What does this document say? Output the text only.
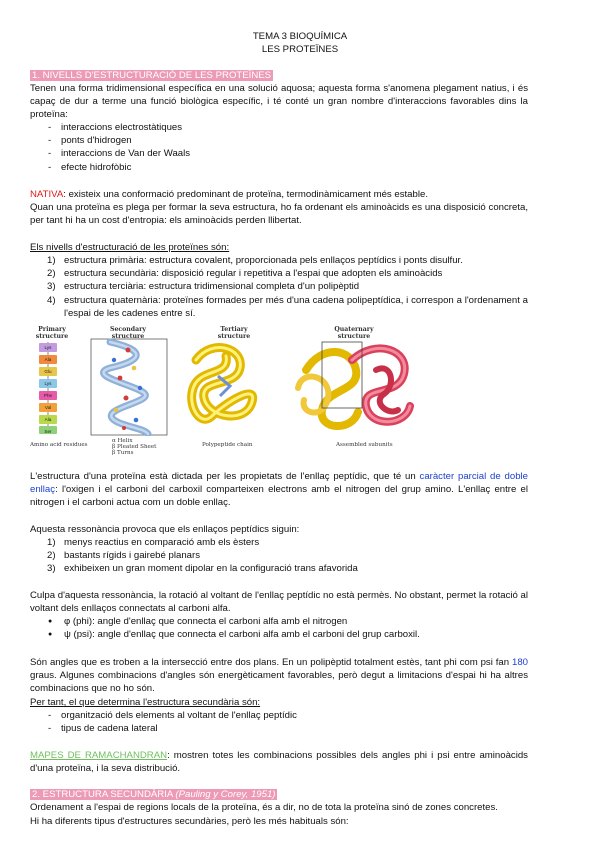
TEMA 3 BIOQUÍMICA
LES PROTEÏNES
1. NIVELLS D'ESTRUCTURACIÓ DE LES PROTEÏNES
Tenen una forma tridimensional específica en una solució aquosa; aquesta forma s'anomena plegament natius, i és capaç de dur a terme una funció biològica específic, i té conté un gran nombre d'interaccions favorables dins la proteïna:
- interaccions electrostàtiques
- ponts d'hidrogen
- interaccions de Van der Waals
- efecte hidrofòbic
NATIVA: existeix una conformació predominant de proteïna, termodinàmicament més estable.
Quan una proteïna es plega per formar la seva estructura, ho fa ordenant els aminoàcids es una disposició concreta, per tant hi ha un cost d'entropia: els aminoàcids perden llibertat.
Els nivells d'estructuració de les proteïnes són:
1) estructura primària: estructura covalent, proporcionada pels enllaços peptídics i ponts disulfur.
2) estructura secundària: disposició regular i repetitiva a l'espai que adopten els aminoàcids
3) estructura terciària: estructura tridimensional completa d'un polipèptid
4) estructura quaternària: proteïnes formades per més d'una cadena polipeptídica, i correspon a l'ordenament a l'espai de les cadenes entre sí.
Primary structure
Secondary structure
Tertiary structure
Quaternary structure
Lys
Ala
Glu
Lys
Phe
Val
Ala
Ser
Amino acid residues
α Helix
β Pleated Sheet
β Turns
Polypeptide chain	Assembled subunits
L'estructura d'una proteïna està dictada per les propietats de l'enllaç peptídic, que té un caràcter parcial de doble enllaç: l'oxigen i el carboni del carboxil comparteixen electrons amb el nitrogen del grup amino. L'enllaç entre el nitrogen i el carboni actua com un doble enllaç.
Aquesta ressonància provoca que els enllaços peptídics siguin:
1) menys reactius en comparació amb els èsters
2) bastants rígids i gairebé planars
3) exhibeixen un gran moment dipolar en la configuració trans afavorida
Culpa d'aquesta ressonància, la rotació al voltant de l'enllaç peptídic no està permès. No obstant, permet la rotació al voltant dels enllaços connectats al carboni alfa.
● φ (phi): angle d'enllaç que connecta el carboni alfa amb el nitrogen
● ψ (psi): angle d'enllaç que connecta el carboni alfa amb el carboni del grup carboxil.
Són angles que es troben a la intersecció entre dos plans. En un polipèptid totalment estès, tant phi com psi fan 180 graus. Algunes combinacions d'angles són energèticament favorables, però degut a limitacions d'espai hi ha altres combinacions que no ho són.
Per tant, el que determina l'estructura secundària són:
- organització dels elements al voltant de l'enllaç peptídic
- tipus de cadena lateral
MAPES DE RAMACHANDRAN: mostren totes les combinacions possibles dels angles phi i psi entre aminoàcids d'una proteïna, i la seva distribució.
2. ESTRUCTURA SECUNDÀRIA (Pauling y Corey, 1951)
Ordenament a l'espai de regions locals de la proteïna, és a dir, no de tota la proteïna sinó de zones concretes.
Hi ha diferents tipus d'estructures secundàries, però les més habituals són:
